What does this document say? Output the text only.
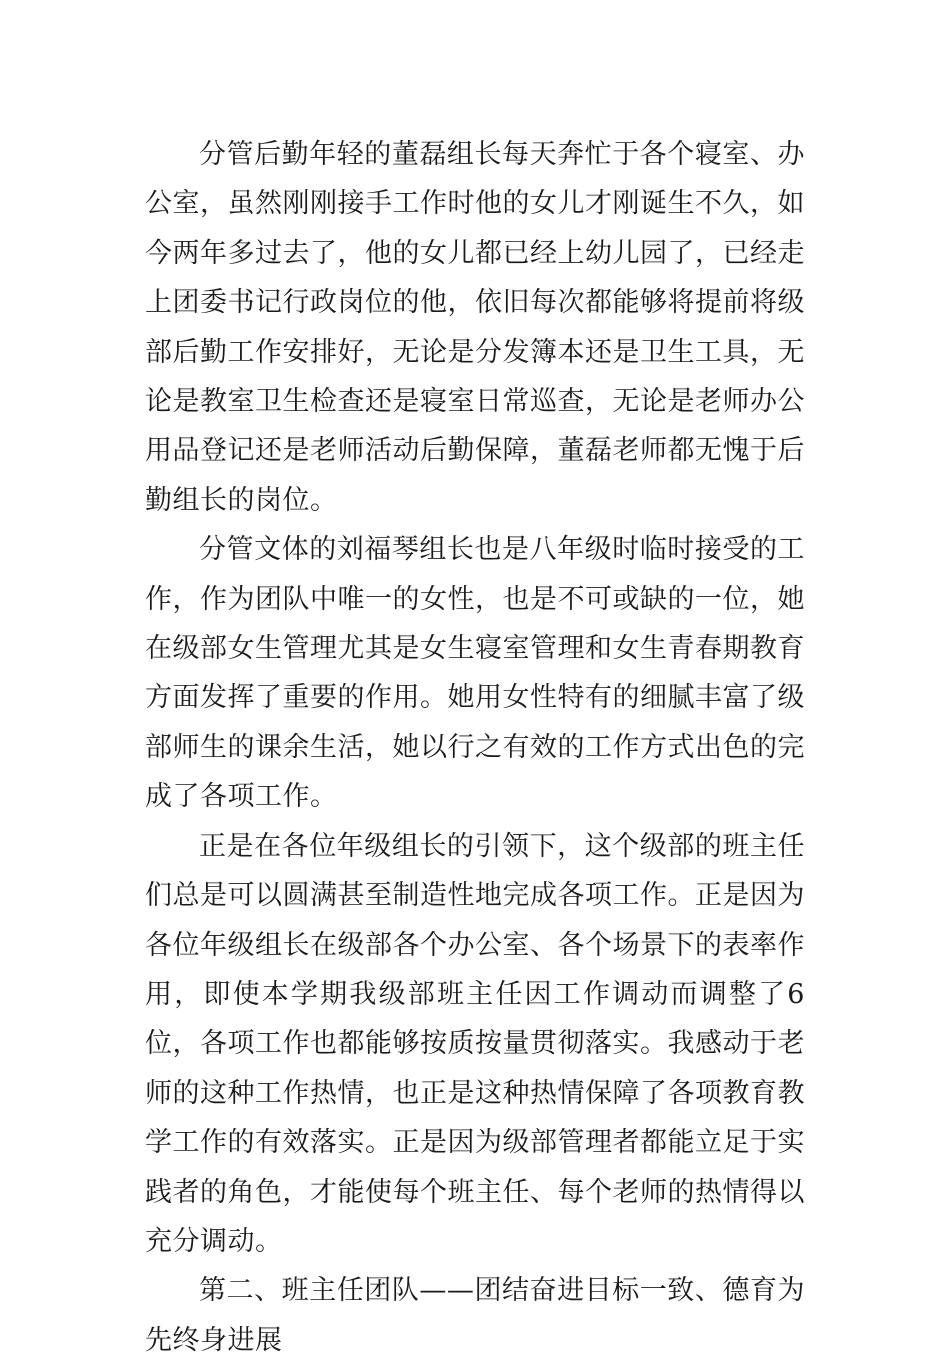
分管后勤年轻的董磊组长每天奔忙于各个寝室、办公室，虽然刚刚接手工作时他的女儿才刚诞生不久，如今两年多过去了，他的女儿都已经上幼儿园了，已经走上团委书记行政岗位的他，依旧每次都能够将提前将级部后勤工作安排好，无论是分发簿本还是卫生工具，无论是教室卫生检查还是寝室日常巡查，无论是老师办公用品登记还是老师活动后勤保障，董磊老师都无愧于后勤组长的岗位。

分管文体的刘福琴组长也是八年级时临时接受的工作，作为团队中唯一的女性，也是不可或缺的一位，她在级部女生管理尤其是女生寝室管理和女生青春期教育方面发挥了重要的作用。她用女性特有的细腻丰富了级部师生的课余生活，她以行之有效的工作方式出色的完成了各项工作。

正是在各位年级组长的引领下，这个级部的班主任们总是可以圆满甚至制造性地完成各项工作。正是因为各位年级组长在级部各个办公室、各个场景下的表率作用，即使本学期我级部班主任因工作调动而调整了6位，各项工作也都能够按质按量贯彻落实。我感动于老师的这种工作热情，也正是这种热情保障了各项教育教学工作的有效落实。正是因为级部管理者都能立足于实践者的角色，才能使每个班主任、每个老师的热情得以充分调动。

第二、班主任团队——团结奋进目标一致、德育为先终身进展
